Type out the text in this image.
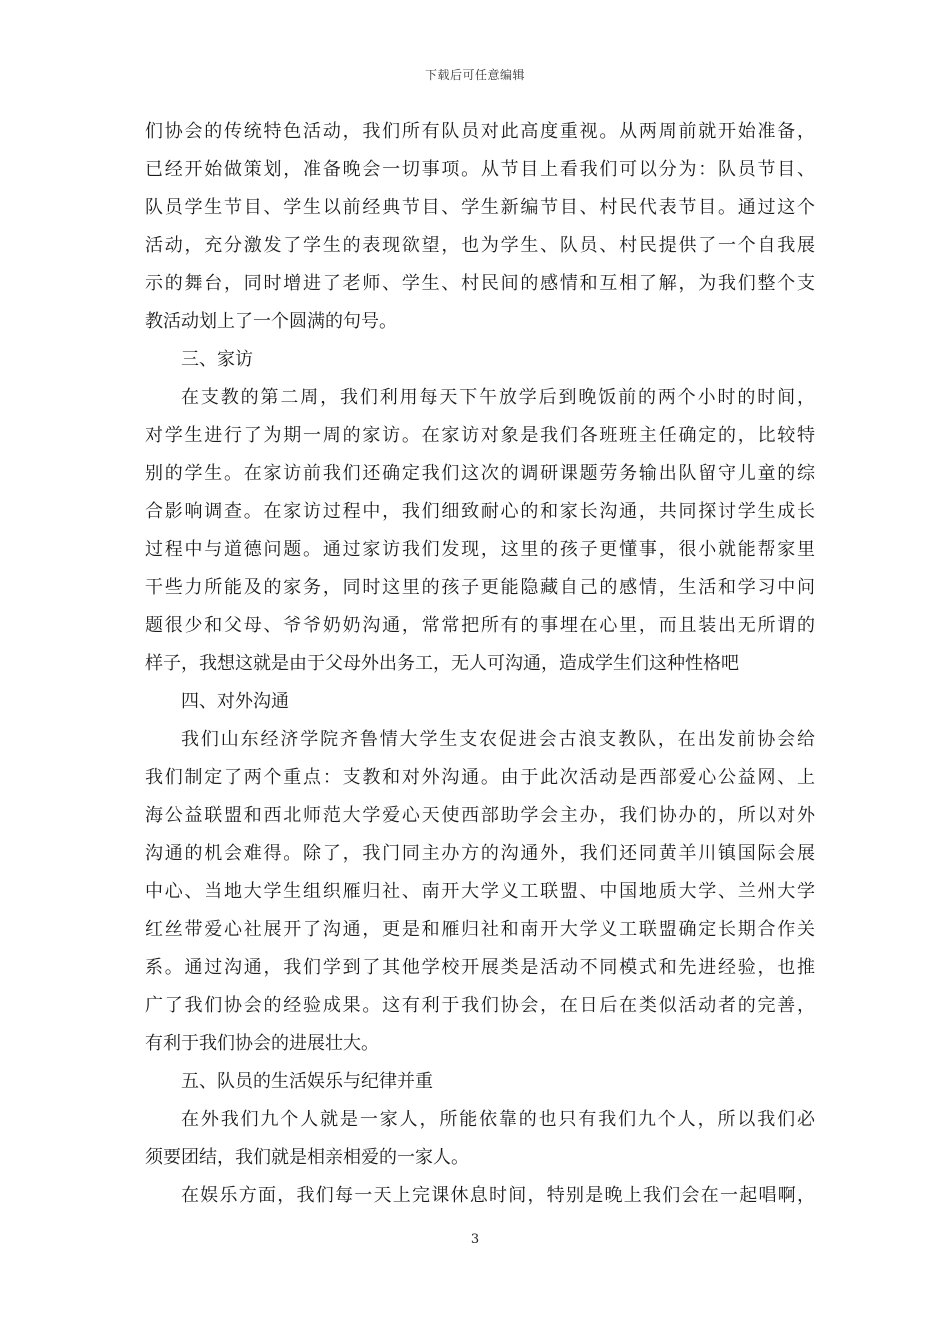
下载后可任意编辑
们协会的传统特色活动，我们所有队员对此高度重视。从两周前就开始准备，
已经开始做策划，准备晚会一切事项。从节目上看我们可以分为：队员节目、
队员学生节目、学生以前经典节目、学生新编节目、村民代表节目。通过这个
活动，充分激发了学生的表现欲望，也为学生、队员、村民提供了一个自我展
示的舞台，同时增进了老师、学生、村民间的感情和互相了解，为我们整个支
教活动划上了一个圆满的句号。
三、家访
在支教的第二周，我们利用每天下午放学后到晚饭前的两个小时的时间，
对学生进行了为期一周的家访。在家访对象是我们各班班主任确定的，比较特
别的学生。在家访前我们还确定我们这次的调研课题劳务输出队留守儿童的综
合影响调查。在家访过程中，我们细致耐心的和家长沟通，共同探讨学生成长
过程中与道德问题。通过家访我们发现，这里的孩子更懂事，很小就能帮家里
干些力所能及的家务，同时这里的孩子更能隐藏自己的感情，生活和学习中问
题很少和父母、爷爷奶奶沟通，常常把所有的事埋在心里，而且装出无所谓的
样子，我想这就是由于父母外出务工，无人可沟通，造成学生们这种性格吧
四、对外沟通
我们山东经济学院齐鲁情大学生支农促进会古浪支教队，在出发前协会给
我们制定了两个重点：支教和对外沟通。由于此次活动是西部爱心公益网、上
海公益联盟和西北师范大学爱心天使西部助学会主办，我们协办的，所以对外
沟通的机会难得。除了，我门同主办方的沟通外，我们还同黄羊川镇国际会展
中心、当地大学生组织雁归社、南开大学义工联盟、中国地质大学、兰州大学
红丝带爱心社展开了沟通，更是和雁归社和南开大学义工联盟确定长期合作关
系。通过沟通，我们学到了其他学校开展类是活动不同模式和先进经验，也推
广了我们协会的经验成果。这有利于我们协会，在日后在类似活动者的完善，
有利于我们协会的进展壮大。
五、队员的生活娱乐与纪律并重
在外我们九个人就是一家人，所能依靠的也只有我们九个人，所以我们必
须要团结，我们就是相亲相爱的一家人。
在娱乐方面，我们每一天上完课休息时间，特别是晚上我们会在一起唱啊，
3
